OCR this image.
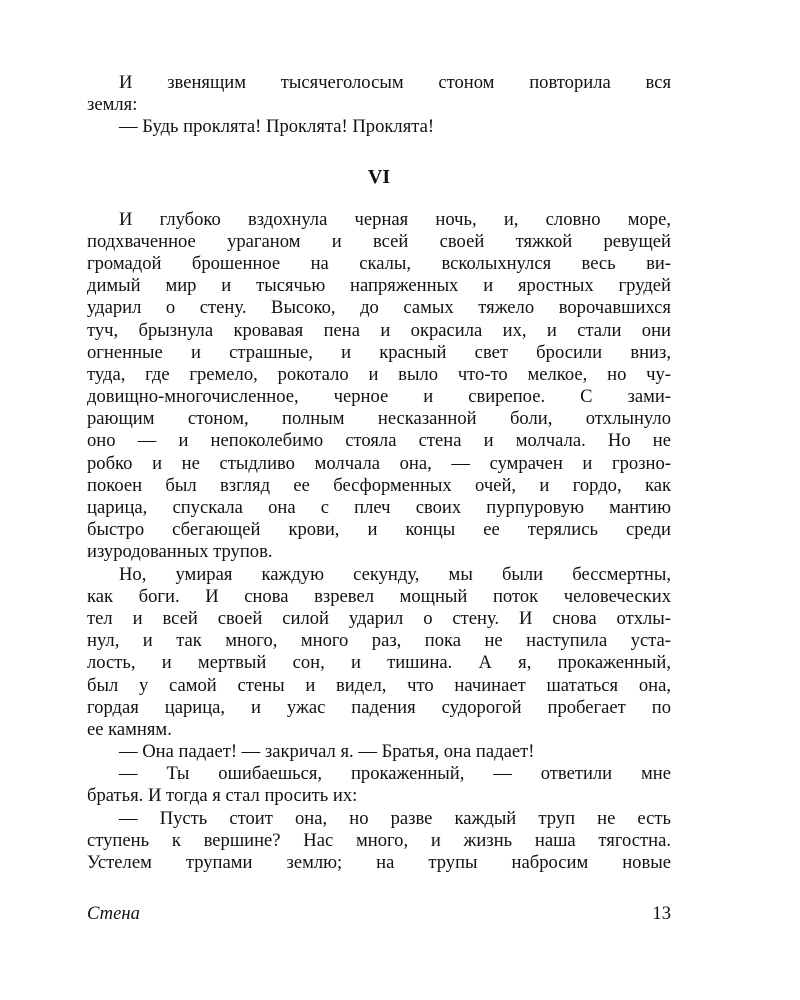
И звенящим тысячеголосым стоном повторила вся
земля:
— Будь проклята! Проклята! Проклята!
VI
И глубоко вздохнула черная ночь, и, словно море,
подхваченное ураганом и всей своей тяжкой ревущей
громадой брошенное на скалы, всколыхнулся весь ви-
димый мир и тысячью напряженных и яростных грудей
ударил о стену. Высоко, до самых тяжело ворочавшихся
туч, брызнула кровавая пена и окрасила их, и стали они
огненные и страшные, и красный свет бросили вниз,
туда, где гремело, рокотало и выло что-то мелкое, но чу-
довищно-многочисленное, черное и свирепое. С зами-
рающим стоном, полным несказанной боли, отхлынуло
оно — и непоколебимо стояла стена и молчала. Но не
робко и не стыдливо молчала она, — сумрачен и грозно-
покоен был взгляд ее бесформенных очей, и гордо, как
царица, спускала она с плеч своих пурпуровую мантию
быстро сбегающей крови, и концы ее терялись среди
изуродованных трупов.
Но, умирая каждую секунду, мы были бессмертны,
как боги. И снова взревел мощный поток человеческих
тел и всей своей силой ударил о стену. И снова отхлы-
нул, и так много, много раз, пока не наступила уста-
лость, и мертвый сон, и тишина. А я, прокаженный,
был у самой стены и видел, что начинает шататься она,
гордая царица, и ужас падения судорогой пробегает по
ее камням.
— Она падает! — закричал я. — Братья, она падает!
— Ты ошибаешься, прокаженный, — ответили мне
братья. И тогда я стал просить их:
— Пусть стоит она, но разве каждый труп не есть
ступень к вершине? Нас много, и жизнь наша тягостна.
Устелем трупами землю; на трупы набросим новые
Стена	13
